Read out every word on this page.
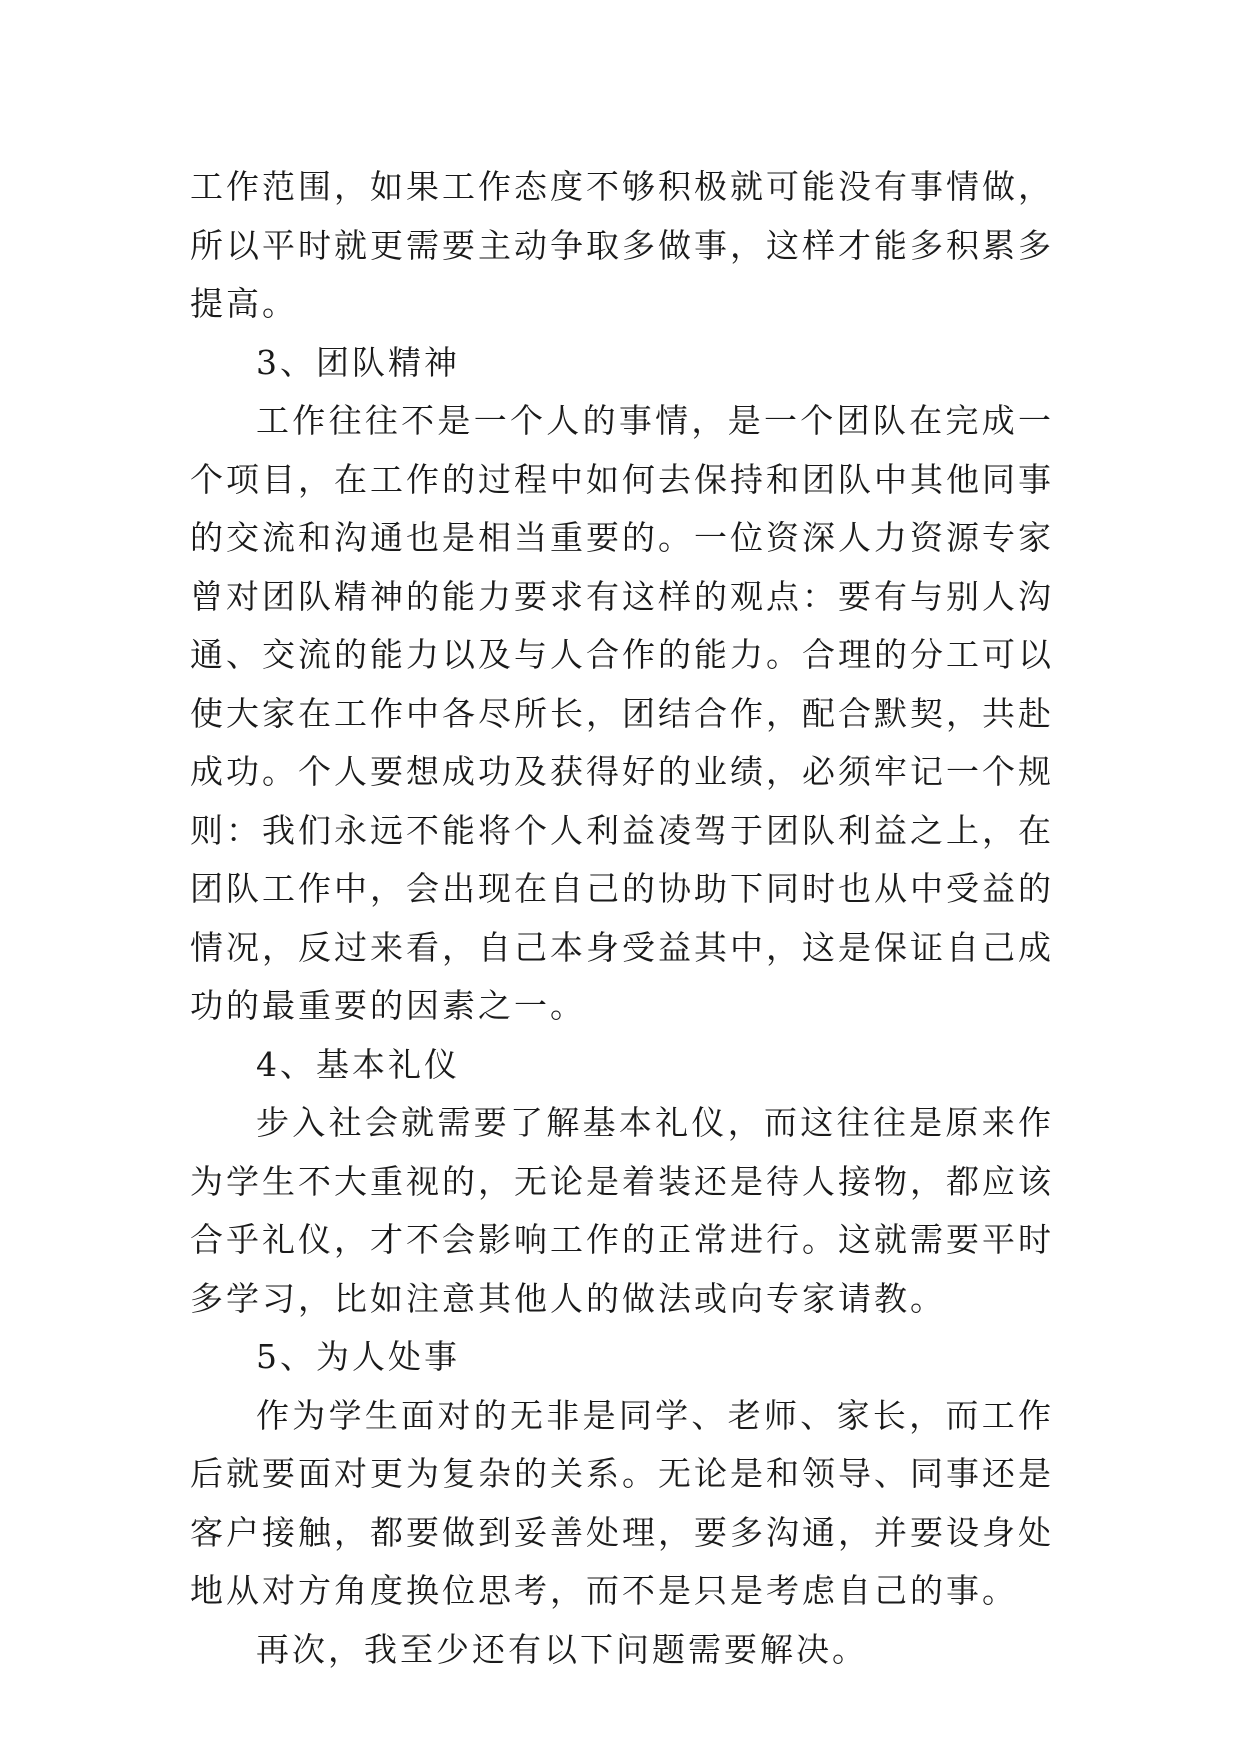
工作范围，如果工作态度不够积极就可能没有事情做，所以平时就更需要主动争取多做事，这样才能多积累多提高。

3、团队精神

工作往往不是一个人的事情，是一个团队在完成一个项目，在工作的过程中如何去保持和团队中其他同事的交流和沟通也是相当重要的。一位资深人力资源专家曾对团队精神的能力要求有这样的观点：要有与别人沟通、交流的能力以及与人合作的能力。合理的分工可以使大家在工作中各尽所长，团结合作，配合默契，共赴成功。个人要想成功及获得好的业绩，必须牢记一个规则：我们永远不能将个人利益凌驾于团队利益之上，在团队工作中，会出现在自己的协助下同时也从中受益的情况，反过来看，自己本身受益其中，这是保证自己成功的最重要的因素之一。

4、基本礼仪

步入社会就需要了解基本礼仪，而这往往是原来作为学生不大重视的，无论是着装还是待人接物，都应该合乎礼仪，才不会影响工作的正常进行。这就需要平时多学习，比如注意其他人的做法或向专家请教。

5、为人处事

作为学生面对的无非是同学、老师、家长，而工作后就要面对更为复杂的关系。无论是和领导、同事还是客户接触，都要做到妥善处理，要多沟通，并要设身处地从对方角度换位思考，而不是只是考虑自己的事。

再次，我至少还有以下问题需要解决。
